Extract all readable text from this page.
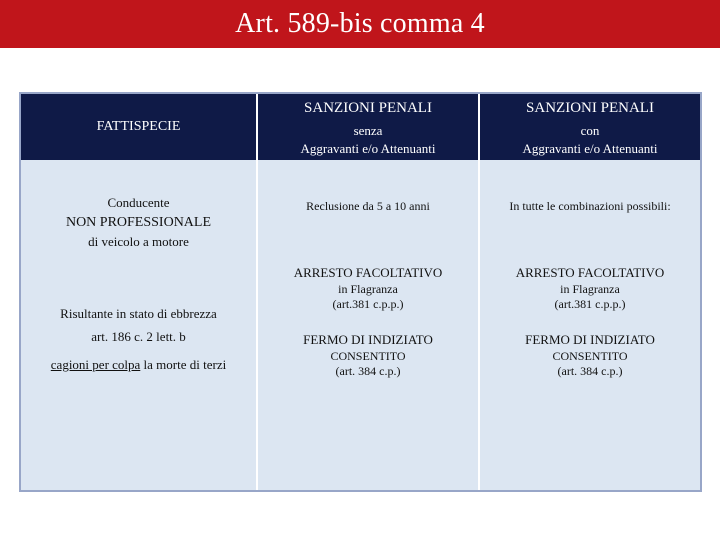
Art. 589-bis comma 4
FATTISPECIE
SANZIONI PENALI
senza
Aggravanti e/o Attenuanti
SANZIONI PENALI
con
Aggravanti e/o Attenuanti
Conducente
NON PROFESSIONALE
di veicolo a motore
Risultante in stato di ebbrezza
art. 186 c. 2 lett. b
cagioni per colpa la morte di terzi
Reclusione da 5 a 10 anni
ARRESTO FACOLTATIVO
in Flagranza
(art.381 c.p.p.)
FERMO DI INDIZIATO
CONSENTITO
(art. 384 c.p.)
In tutte le combinazioni possibili:
ARRESTO FACOLTATIVO
in Flagranza
(art.381 c.p.p.)
FERMO DI INDIZIATO
CONSENTITO
(art. 384 c.p.)
